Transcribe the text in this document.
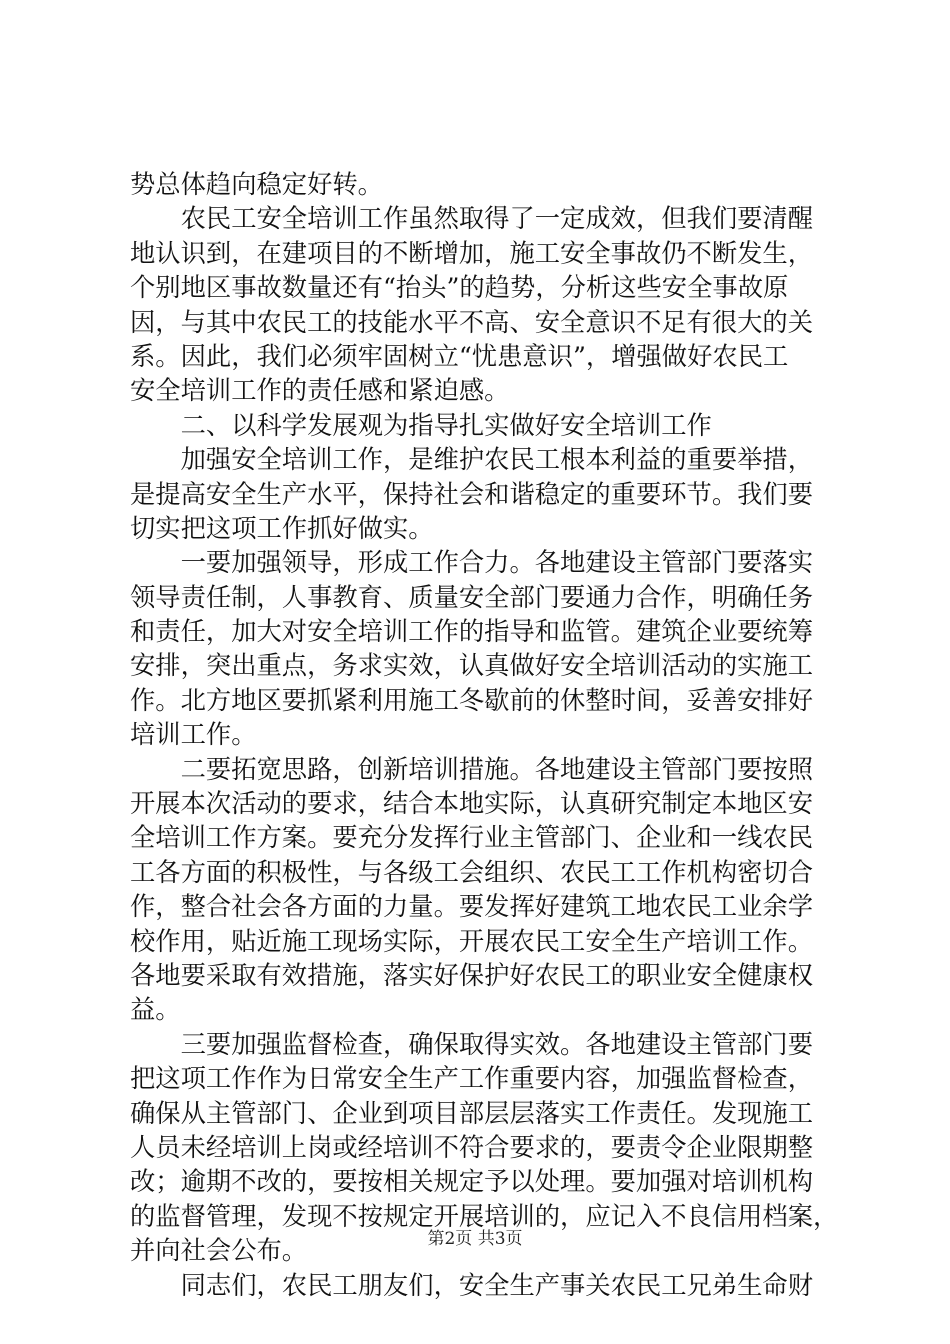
势总体趋向稳定好转。
　　农民工安全培训工作虽然取得了一定成效，但我们要清醒
地认识到，在建项目的不断增加，施工安全事故仍不断发生，
个别地区事故数量还有“抬头”的趋势，分析这些安全事故原
因，与其中农民工的技能水平不高、安全意识不足有很大的关
系。因此，我们必须牢固树立“忧患意识”，增强做好农民工
安全培训工作的责任感和紧迫感。
　　二、以科学发展观为指导扎实做好安全培训工作
　　加强安全培训工作，是维护农民工根本利益的重要举措，
是提高安全生产水平，保持社会和谐稳定的重要环节。我们要
切实把这项工作抓好做实。
　　一要加强领导，形成工作合力。各地建设主管部门要落实
领导责任制，人事教育、质量安全部门要通力合作，明确任务
和责任，加大对安全培训工作的指导和监管。建筑企业要统筹
安排，突出重点，务求实效，认真做好安全培训活动的实施工
作。北方地区要抓紧利用施工冬歇前的休整时间，妥善安排好
培训工作。
　　二要拓宽思路，创新培训措施。各地建设主管部门要按照
开展本次活动的要求，结合本地实际，认真研究制定本地区安
全培训工作方案。要充分发挥行业主管部门、企业和一线农民
工各方面的积极性，与各级工会组织、农民工工作机构密切合
作，整合社会各方面的力量。要发挥好建筑工地农民工业余学
校作用，贴近施工现场实际，开展农民工安全生产培训工作。
各地要采取有效措施，落实好保护好农民工的职业安全健康权
益。
　　三要加强监督检查，确保取得实效。各地建设主管部门要
把这项工作作为日常安全生产工作重要内容，加强监督检查，
确保从主管部门、企业到项目部层层落实工作责任。发现施工
人员未经培训上岗或经培训不符合要求的，要责令企业限期整
改；逾期不改的，要按相关规定予以处理。要加强对培训机构
的监督管理，发现不按规定开展培训的，应记入不良信用档案，
并向社会公布。
　　同志们，农民工朋友们，安全生产事关农民工兄弟生命财
第2页 共3页
